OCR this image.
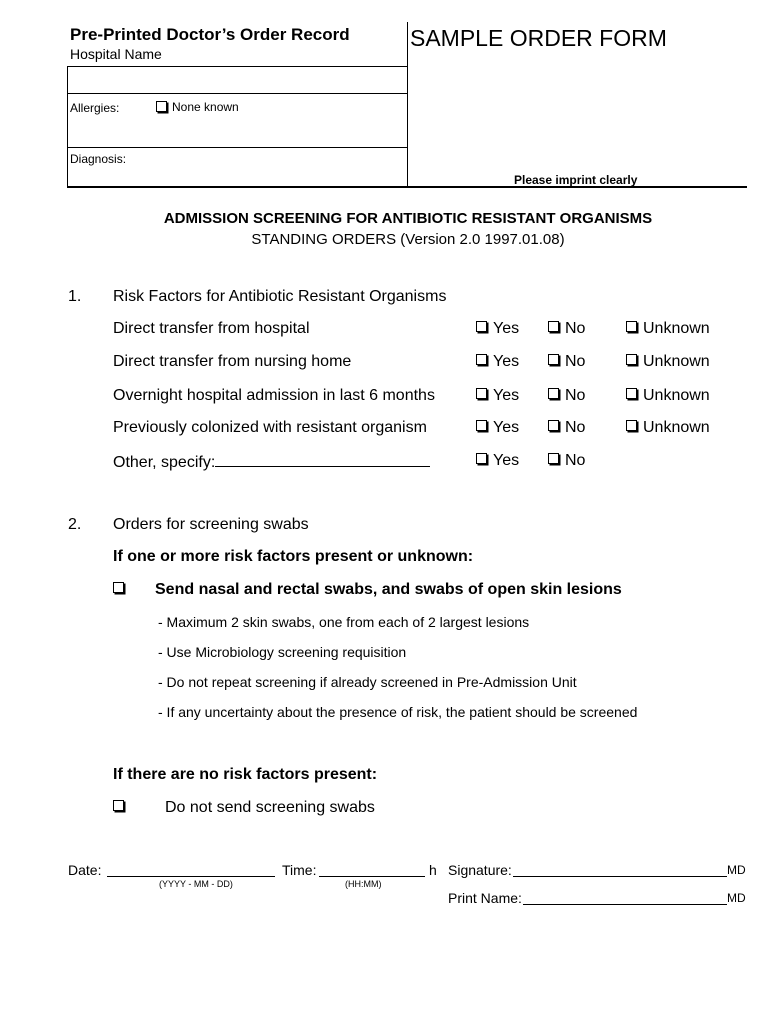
Pre-Printed Doctor’s Order Record
Hospital Name
SAMPLE ORDER FORM
Allergies:	None known
Diagnosis:
Please imprint clearly
ADMISSION SCREENING FOR ANTIBIOTIC RESISTANT ORGANISMS
STANDING ORDERS (Version 2.0 1997.01.08)
1. Risk Factors for Antibiotic Resistant Organisms
Direct transfer from hospital	Yes	No	Unknown
Direct transfer from nursing home	Yes	No	Unknown
Overnight hospital admission in last 6 months	Yes	No	Unknown
Previously colonized with resistant organism	Yes	No	Unknown
Other, specify:	Yes	No
2. Orders for screening swabs
If one or more risk factors present or unknown:
Send nasal and rectal swabs, and swabs of open skin lesions
- Maximum 2 skin swabs, one from each of 2 largest lesions
- Use Microbiology screening requisition
- Do not repeat screening if already screened in Pre-Admission Unit
- If any uncertainty about the presence of risk, the patient should be screened
If there are no risk factors present:
Do not send screening swabs
Date:
(YYYY - MM - DD)
Time:	h
(HH:MM)
Signature:	MD
Print Name:	MD
